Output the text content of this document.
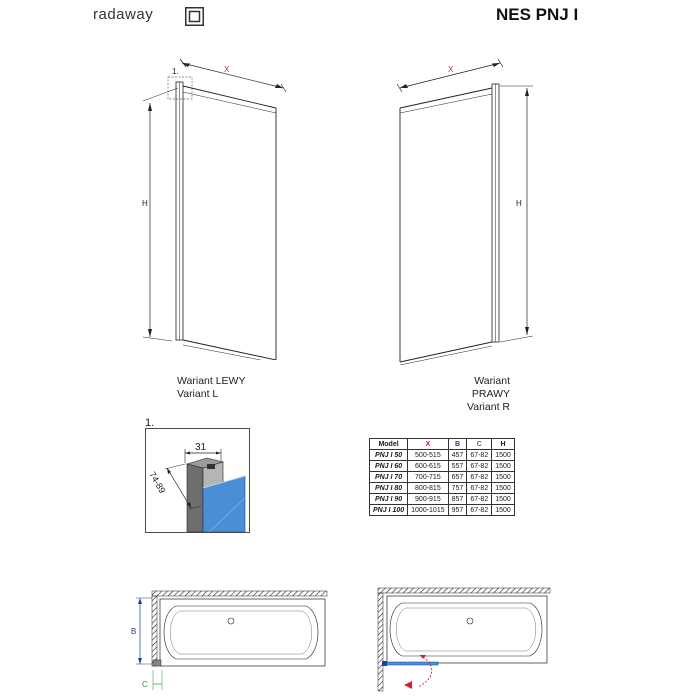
radaway	NES PNJ I
X
1.
H
X
H
Wariant LEWY
Variant L
Wariant PRAWY
Variant R
1.
31
74-89
Model	X	B	C	H
PNJ I 50	500-515	457	67-82	1500
PNJ I 60	600-615	557	67-82	1500
PNJ I 70	700-715	657	67-82	1500
PNJ I 80	800-815	757	67-82	1500
PNJ I 90	900-915	857	67-82	1500
PNJ I 100	1000-1015	957	67-82	1500
B
C
